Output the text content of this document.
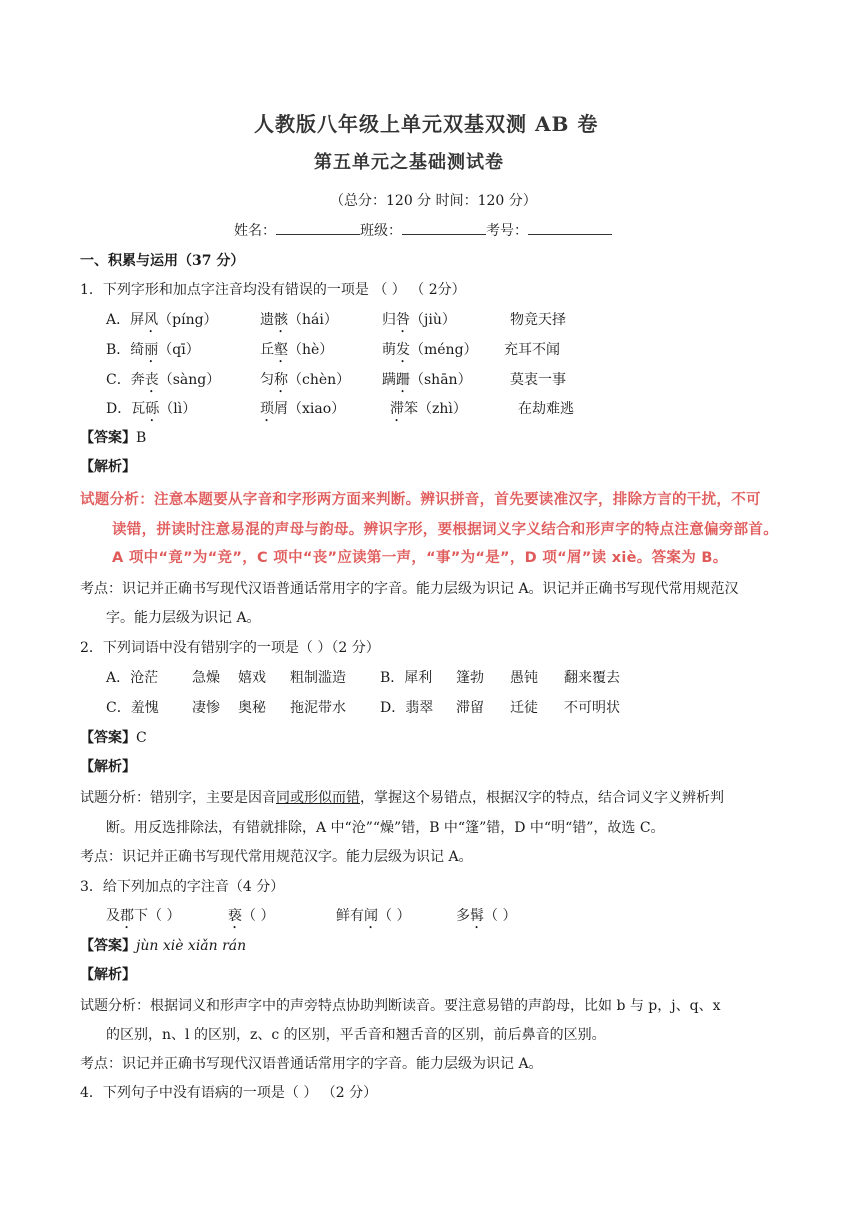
人教版八年级上单元双基双测 AB 卷
第五单元之基础测试卷
（总分：120 分 时间：120 分）
姓名：	班级：	考号：
一、积累与运用（37 分）
1．下列字形和加点字注音均没有错误的一项是 （ ） （ 2分）
A．屏风（píng）	遗骸（hái）	归咎（jiù）	物竞天择
B．绮丽（qī）	丘壑（hè）	萌发（méng） 充耳不闻
C．奔丧（sàng）	匀称（chèn） 蹒跚（shān）	莫衷一事
D．瓦砾（lì）	琐屑（xiao）	滞笨（zhì）	在劫难逃
【答案】B
【解析】
试题分析：注意本题要从字音和字形两方面来判断。辨识拼音，首先要读准汉字，排除方言的干扰，不可
读错，拼读时注意易混的声母与韵母。辨识字形，要根据词义字义结合和形声字的特点注意偏旁部首。
A 项中“竟”为“竞”，C 项中“丧”应读第一声，“事”为“是”，D 项“屑”读 xiè。答案为 B。
考点：识记并正确书写现代汉语普通话常用字的字音。能力层级为识记 A。识记并正确书写现代常用规范汉
字。能力层级为识记 A。
2．下列词语中没有错别字的一项是（ ）（2 分）
A．沧茫 急燥 嬉戏 粗制滥造 B．犀利 篷勃 愚钝 翻来覆去
C．羞愧 凄惨 奥秘 拖泥带水 D．翡翠 滞留 迁徒 不可明状
【答案】C
【解析】
试题分析：错别字，主要是因音同或形似而错，掌握这个易错点，根据汉字的特点，结合词义字义辨析判
断。用反选排除法，有错就排除，A 中“沧”“燥”错，B 中“篷”错，D 中“明“错”，故选 C。
考点：识记并正确书写现代常用规范汉字。能力层级为识记 A。
3．给下列加点的字注音（4 分）
及郡下（ ）	亵（ ）	鲜有闻（ ）	多髯（ ）
【答案】jùn xiè xiǎn rán
【解析】
试题分析：根据词义和形声字中的声旁特点协助判断读音。要注意易错的声韵母，比如 b 与 p，j、q、x
的区别，n、l 的区别，z、c 的区别，平舌音和翘舌音的区别，前后鼻音的区别。
考点：识记并正确书写现代汉语普通话常用字的字音。能力层级为识记 A。
4．下列句子中没有语病的一项是（ ） （2 分）
